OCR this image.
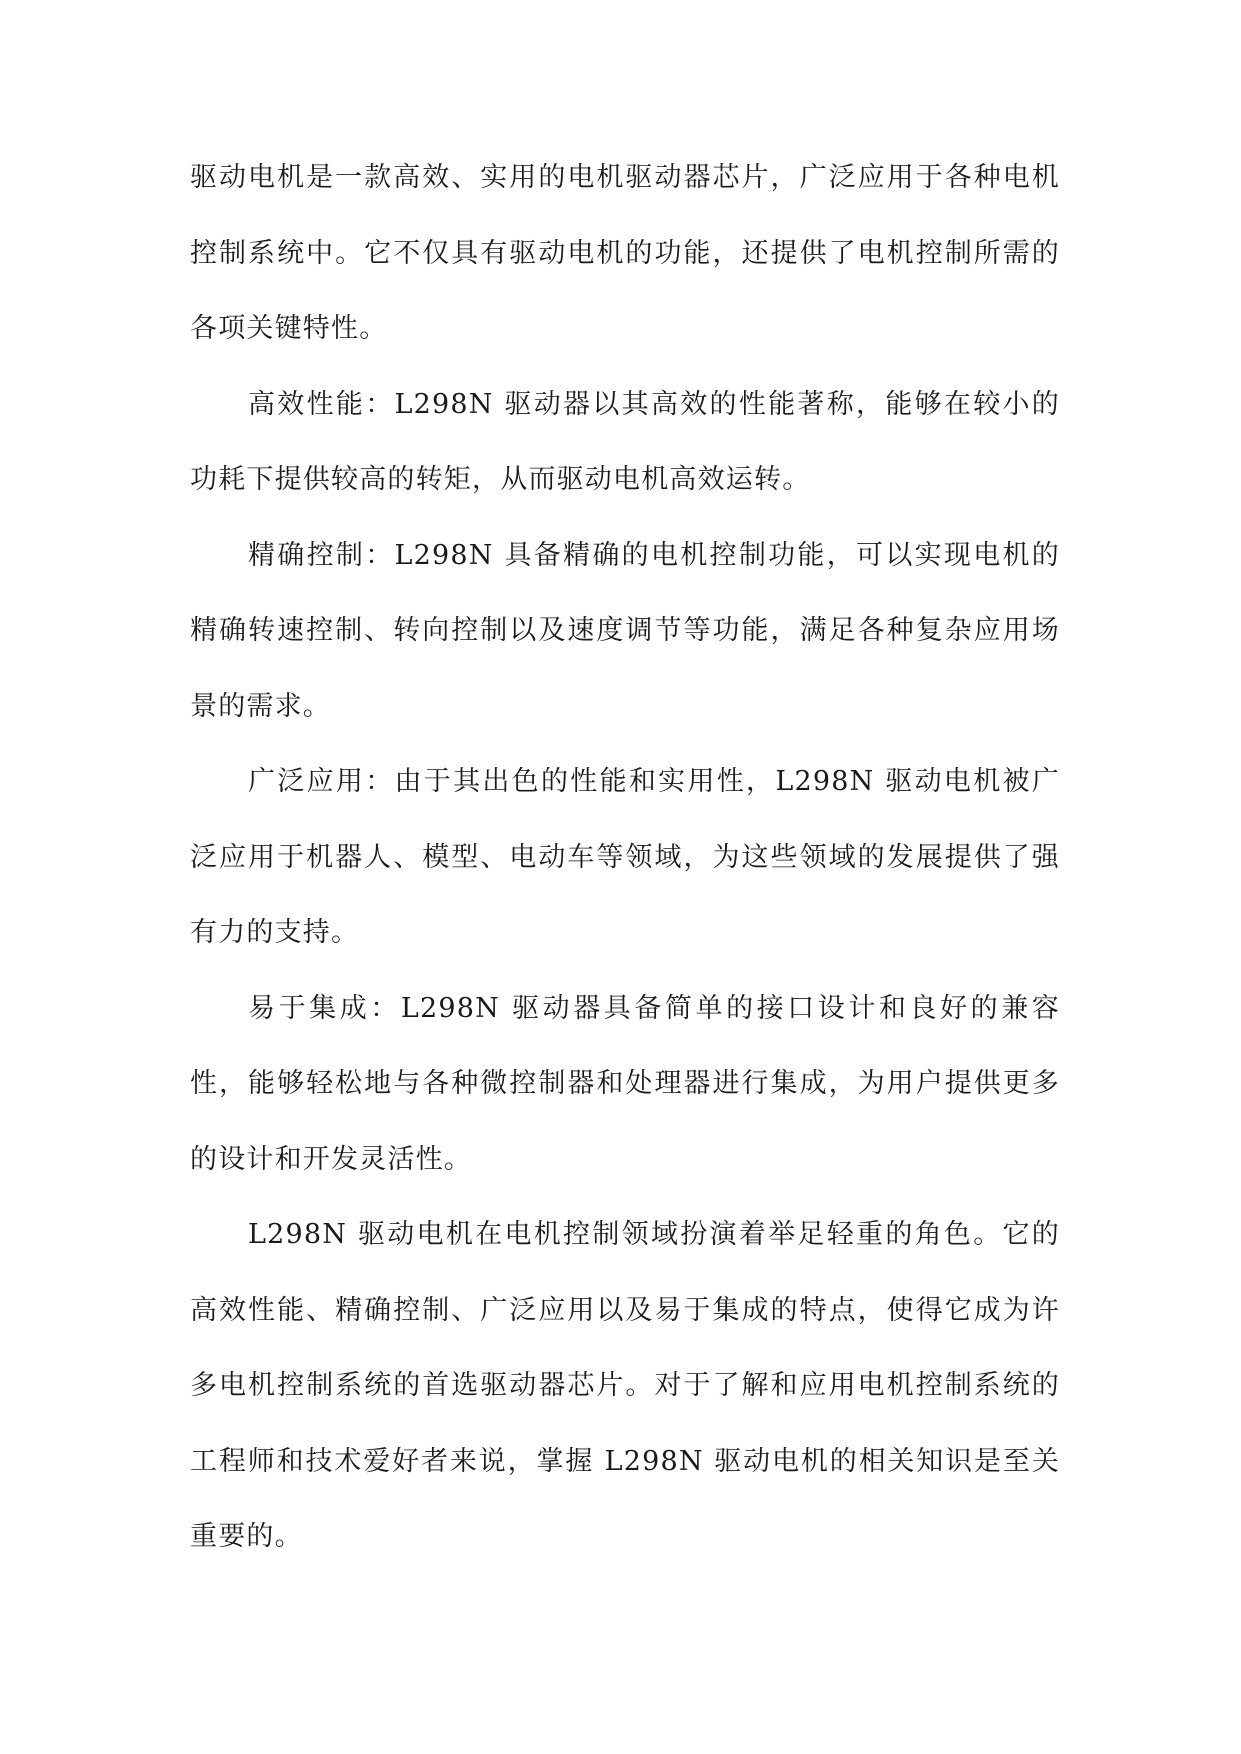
驱动电机是一款高效、实用的电机驱动器芯片，广泛应用于各种电机控制系统中。它不仅具有驱动电机的功能，还提供了电机控制所需的各项关键特性。

高效性能：L298N 驱动器以其高效的性能著称，能够在较小的功耗下提供较高的转矩，从而驱动电机高效运转。

精确控制：L298N 具备精确的电机控制功能，可以实现电机的精确转速控制、转向控制以及速度调节等功能，满足各种复杂应用场景的需求。

广泛应用：由于其出色的性能和实用性，L298N 驱动电机被广泛应用于机器人、模型、电动车等领域，为这些领域的发展提供了强有力的支持。

易于集成：L298N 驱动器具备简单的接口设计和良好的兼容性，能够轻松地与各种微控制器和处理器进行集成，为用户提供更多的设计和开发灵活性。

L298N 驱动电机在电机控制领域扮演着举足轻重的角色。它的高效性能、精确控制、广泛应用以及易于集成的特点，使得它成为许多电机控制系统的首选驱动器芯片。对于了解和应用电机控制系统的工程师和技术爱好者来说，掌握 L298N 驱动电机的相关知识是至关重要的。
